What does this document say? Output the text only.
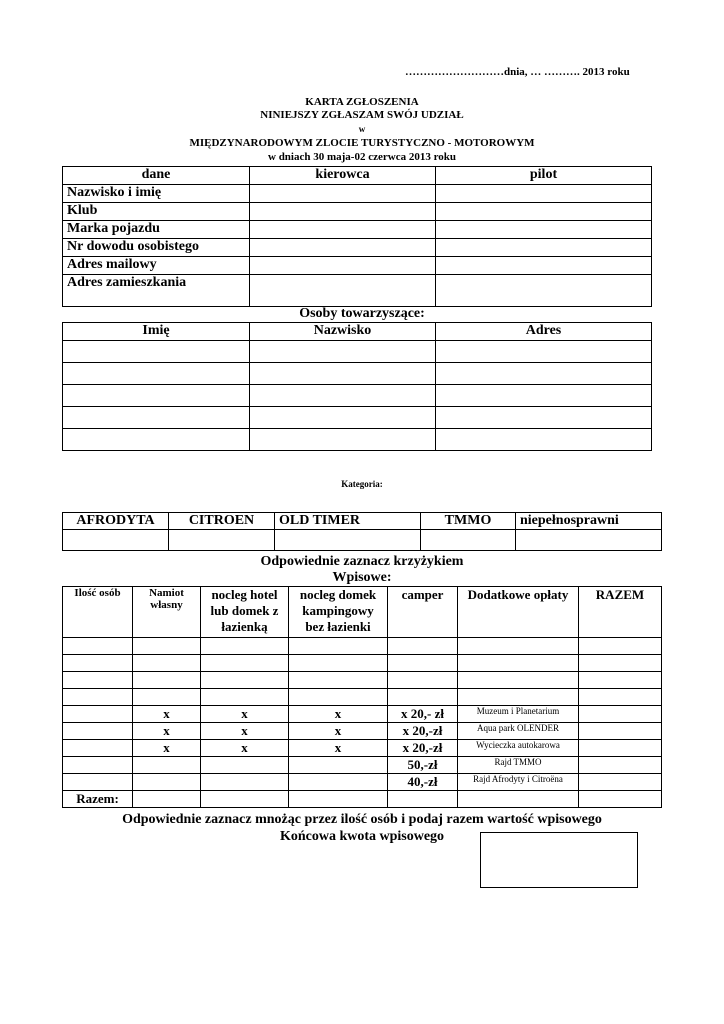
………………………dnia, … ………. 2013 roku
KARTA ZGŁOSZENIA
NINIEJSZY ZGŁASZAM SWÓJ UDZIAŁ
w
MIĘDZYNARODOWYM ZLOCIE TURYSTYCZNO - MOTOROWYM
w dniach 30 maja-02 czerwca 2013 roku
dane	kierowca	pilot
Nazwisko i imię		
Klub		
Marka pojazdu		
Nr dowodu osobistego		
Adres mailowy		
Adres zamieszkania		
Osoby towarzyszące:
Imię	Nazwisko	Adres

Kategoria:
AFRODYTA	CITROEN	OLD TIMER	TMMO	niepełnosprawni

Odpowiednie zaznacz krzyżykiem
Wpisowe:
Ilość osób	Namiot własny	nocleg hotel lub domek z łazienką	nocleg domek kampingowy bez łazienki	camper	Dodatkowe opłaty	RAZEM

	x	x	x	x 20,- zł	Muzeum i Planetarium	
	x	x	x	x 20,-zł	Aqua park OLENDER	
	x	x	x	x 20,-zł	Wycieczka autokarowa	
				50,-zł	Rajd TMMO	
				40,-zł	Rajd Afrodyty i Citroëna	
Razem:						
Odpowiednie zaznacz mnożąc przez ilość osób i podaj razem wartość wpisowego
Końcowa kwota wpisowego
